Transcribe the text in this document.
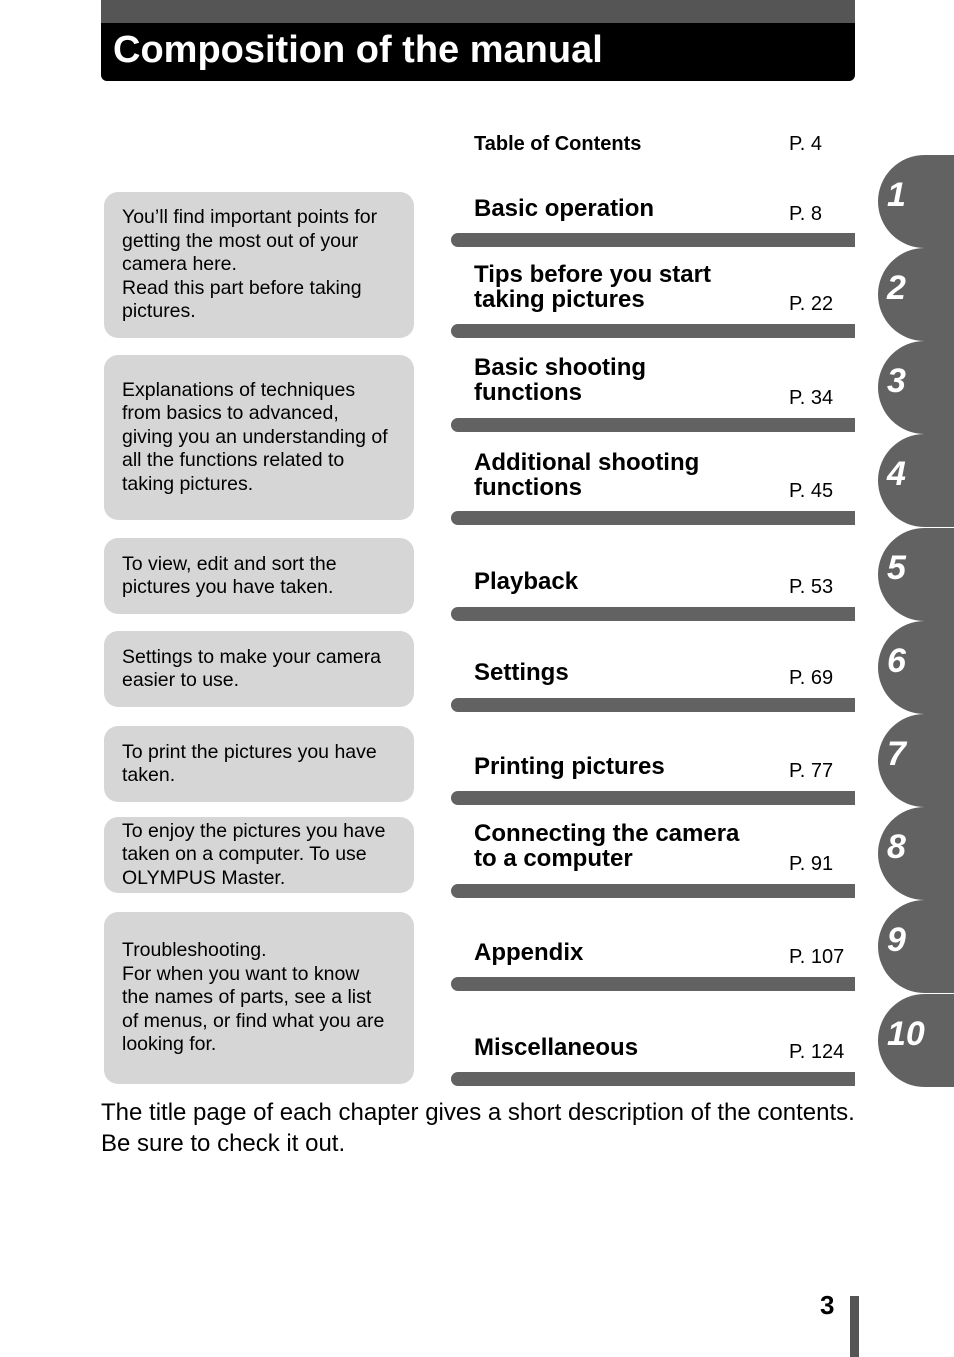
Composition of the manual
Table of Contents	P. 4
You’ll find important points for
getting the most out of your
camera here.
Read this part before taking
pictures.
Explanations of techniques
from basics to advanced,
giving you an understanding of
all the functions related to
taking pictures.
To view, edit and sort the
pictures you have taken.
Settings to make your camera
easier to use.
To print the pictures you have
taken.
To enjoy the pictures you have
taken on a computer. To use
OLYMPUS Master.
Troubleshooting.
For when you want to know
the names of parts, see a list
of menus, or find what you are
looking for.
Basic operation	P. 8
Tips before you start
taking pictures	P. 22
Basic shooting
functions	P. 34
Additional shooting
functions	P. 45
Playback	P. 53
Settings	P. 69
Printing pictures	P. 77
Connecting the camera
to a computer	P. 91
Appendix	P. 107
Miscellaneous	P. 124
1
2
3
4
5
6
7
8
9
10
The title page of each chapter gives a short description of the contents.
Be sure to check it out.
3
